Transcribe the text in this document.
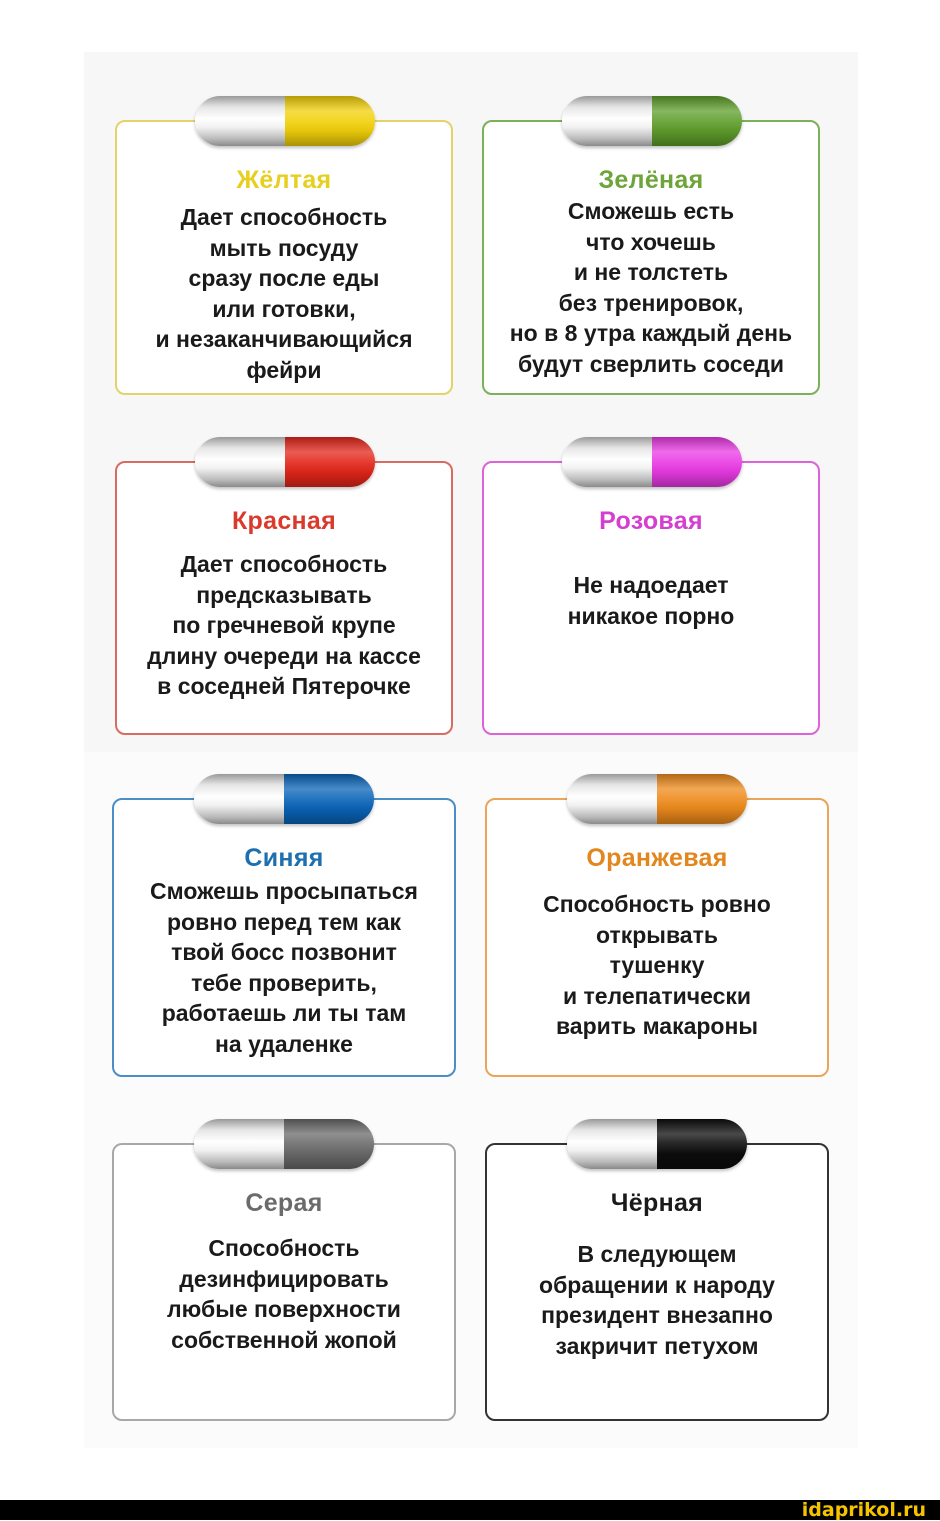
Жёлтая
Дает способность
мыть посуду
сразу после еды
или готовки,
и незаканчивающийся
фейри
Зелёная
Сможешь есть
что хочешь
и не толстеть
без тренировок,
но в 8 утра каждый день
будут сверлить соседи
Красная
Дает способность
предсказывать
по гречневой крупе
длину очереди на кассе
в соседней Пятерочке
Розовая
Не надоедает
никакое порно
Синяя
Сможешь просыпаться
ровно перед тем как
твой босс позвонит
тебе проверить,
работаешь ли ты там
на удаленке
Оранжевая
Способность ровно
открывать
тушенку
и телепатически
варить макароны
Серая
Способность
дезинфицировать
любые поверхности
собственной жопой
Чёрная
В следующем
обращении к народу
президент внезапно
закричит петухом
idaprikol.ru
